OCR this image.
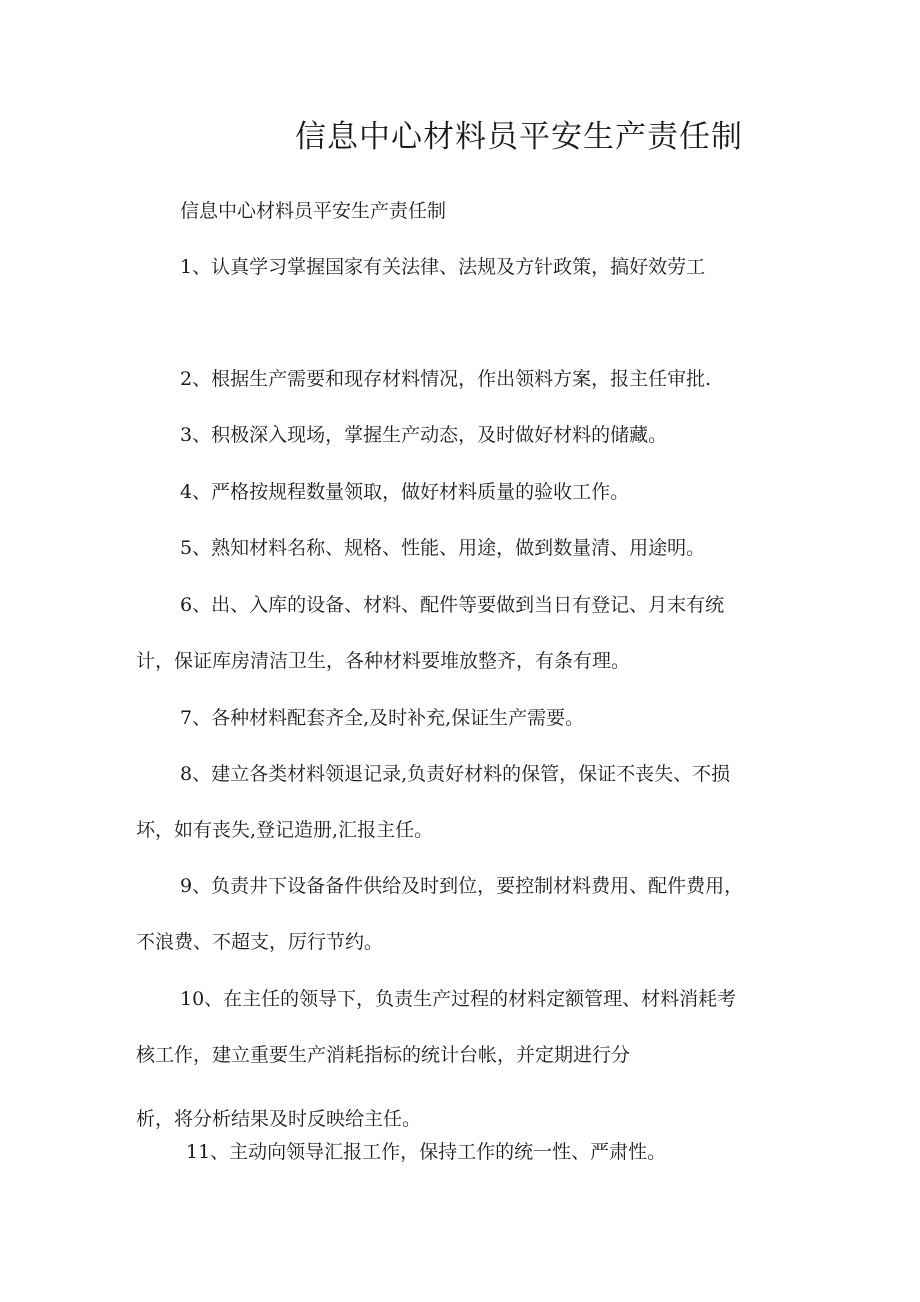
信息中心材料员平安生产责任制
信息中心材料员平安生产责任制
1、认真学习掌握国家有关法律、法规及方针政策，搞好效劳工
2、根据生产需要和现存材料情况，作出领料方案，报主任审批.
3、积极深入现场，掌握生产动态，及时做好材料的储藏。
4、严格按规程数量领取，做好材料质量的验收工作。
5、熟知材料名称、规格、性能、用途，做到数量清、用途明。
6、出、入库的设备、材料、配件等要做到当日有登记、月末有统
计，保证库房清洁卫生，各种材料要堆放整齐，有条有理。
7、各种材料配套齐全,及时补充,保证生产需要。
8、建立各类材料领退记录,负责好材料的保管，保证不丧失、不损
坏，如有丧失,登记造册,汇报主任。
9、负责井下设备备件供给及时到位，要控制材料费用、配件费用，
不浪费、不超支，厉行节约。
10、在主任的领导下，负责生产过程的材料定额管理、材料消耗考
核工作，建立重要生产消耗指标的统计台帐，并定期进行分
析，将分析结果及时反映给主任。
11、主动向领导汇报工作，保持工作的统一性、严肃性。
